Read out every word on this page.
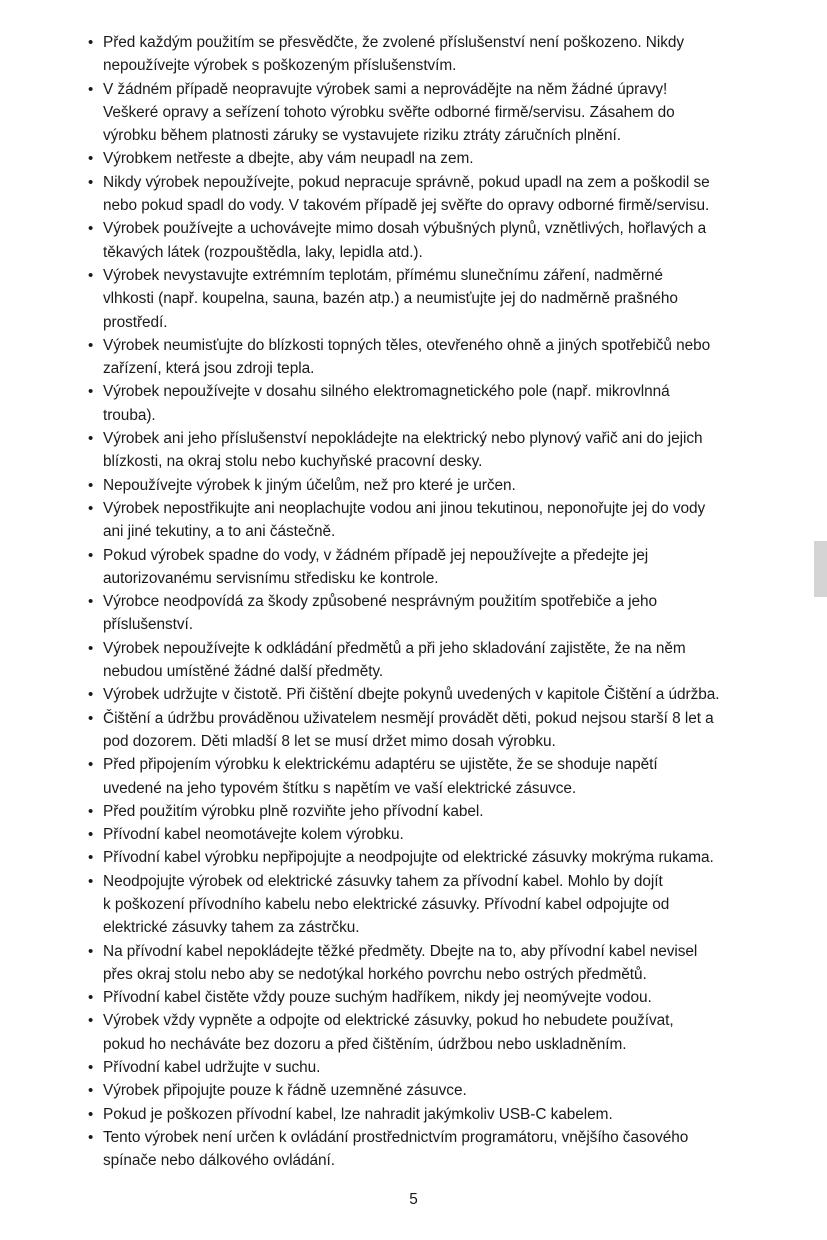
• Před každým použitím se přesvědčte, že zvolené příslušenství není poškozeno. Nikdy
nepoužívejte výrobek s poškozeným příslušenstvím.
• V žádném případě neopravujte výrobek sami a neprovádějte na něm žádné úpravy!
Veškeré opravy a seřízení tohoto výrobku svěřte odborné firmě/servisu. Zásahem do
výrobku během platnosti záruky se vystavujete riziku ztráty záručních plnění.
• Výrobkem netřeste a dbejte, aby vám neupadl na zem.
• Nikdy výrobek nepoužívejte, pokud nepracuje správně, pokud upadl na zem a poškodil se
nebo pokud spadl do vody. V takovém případě jej svěřte do opravy odborné firmě/servisu.
• Výrobek používejte a uchovávejte mimo dosah výbušných plynů, vznětlivých, hořlavých a
těkavých látek (rozpouštědla, laky, lepidla atd.).
• Výrobek nevystavujte extrémním teplotám, přímému slunečnímu záření, nadměrné
vlhkosti (např. koupelna, sauna, bazén atp.) a neumisťujte jej do nadměrně prašného
prostředí.
• Výrobek neumisťujte do blízkosti topných těles, otevřeného ohně a jiných spotřebičů nebo
zařízení, která jsou zdroji tepla.
• Výrobek nepoužívejte v dosahu silného elektromagnetického pole (např. mikrovlnná
trouba).
• Výrobek ani jeho příslušenství nepokládejte na elektrický nebo plynový vařič ani do jejich
blízkosti, na okraj stolu nebo kuchyňské pracovní desky.
• Nepoužívejte výrobek k jiným účelům, než pro které je určen.
• Výrobek nepostřikujte ani neoplachujte vodou ani jinou tekutinou, neponořujte jej do vody
ani jiné tekutiny, a to ani částečně.
• Pokud výrobek spadne do vody, v žádném případě jej nepoužívejte a předejte jej
autorizovanému servisnímu středisku ke kontrole.
• Výrobce neodpovídá za škody způsobené nesprávným použitím spotřebiče a jeho
příslušenství.
• Výrobek nepoužívejte k odkládání předmětů a při jeho skladování zajistěte, že na něm
nebudou umístěné žádné další předměty.
• Výrobek udržujte v čistotě. Při čištění dbejte pokynů uvedených v kapitole Čištění a údržba.
• Čištění a údržbu prováděnou uživatelem nesmějí provádět děti, pokud nejsou starší 8 let a
pod dozorem. Děti mladší 8 let se musí držet mimo dosah výrobku.
• Před připojením výrobku k elektrickému adaptéru se ujistěte, že se shoduje napětí
uvedené na jeho typovém štítku s napětím ve vaší elektrické zásuvce.
• Před použitím výrobku plně rozviňte jeho přívodní kabel.
• Přívodní kabel neomotávejte kolem výrobku.
• Přívodní kabel výrobku nepřipojujte a neodpojujte od elektrické zásuvky mokrýma rukama.
• Neodpojujte výrobek od elektrické zásuvky tahem za přívodní kabel. Mohlo by dojít
k poškození přívodního kabelu nebo elektrické zásuvky. Přívodní kabel odpojujte od
elektrické zásuvky tahem za zástrčku.
• Na přívodní kabel nepokládejte těžké předměty. Dbejte na to, aby přívodní kabel nevisel
přes okraj stolu nebo aby se nedotýkal horkého povrchu nebo ostrých předmětů.
• Přívodní kabel čistěte vždy pouze suchým hadříkem, nikdy jej neomývejte vodou.
• Výrobek vždy vypněte a odpojte od elektrické zásuvky, pokud ho nebudete používat,
pokud ho necháváte bez dozoru a před čištěním, údržbou nebo uskladněním.
• Přívodní kabel udržujte v suchu.
• Výrobek připojujte pouze k řádně uzemněné zásuvce.
• Pokud je poškozen přívodní kabel, lze nahradit jakýmkoliv USB-C kabelem.
• Tento výrobek není určen k ovládání prostřednictvím programátoru, vnějšího časového
spínače nebo dálkového ovládání.
5
